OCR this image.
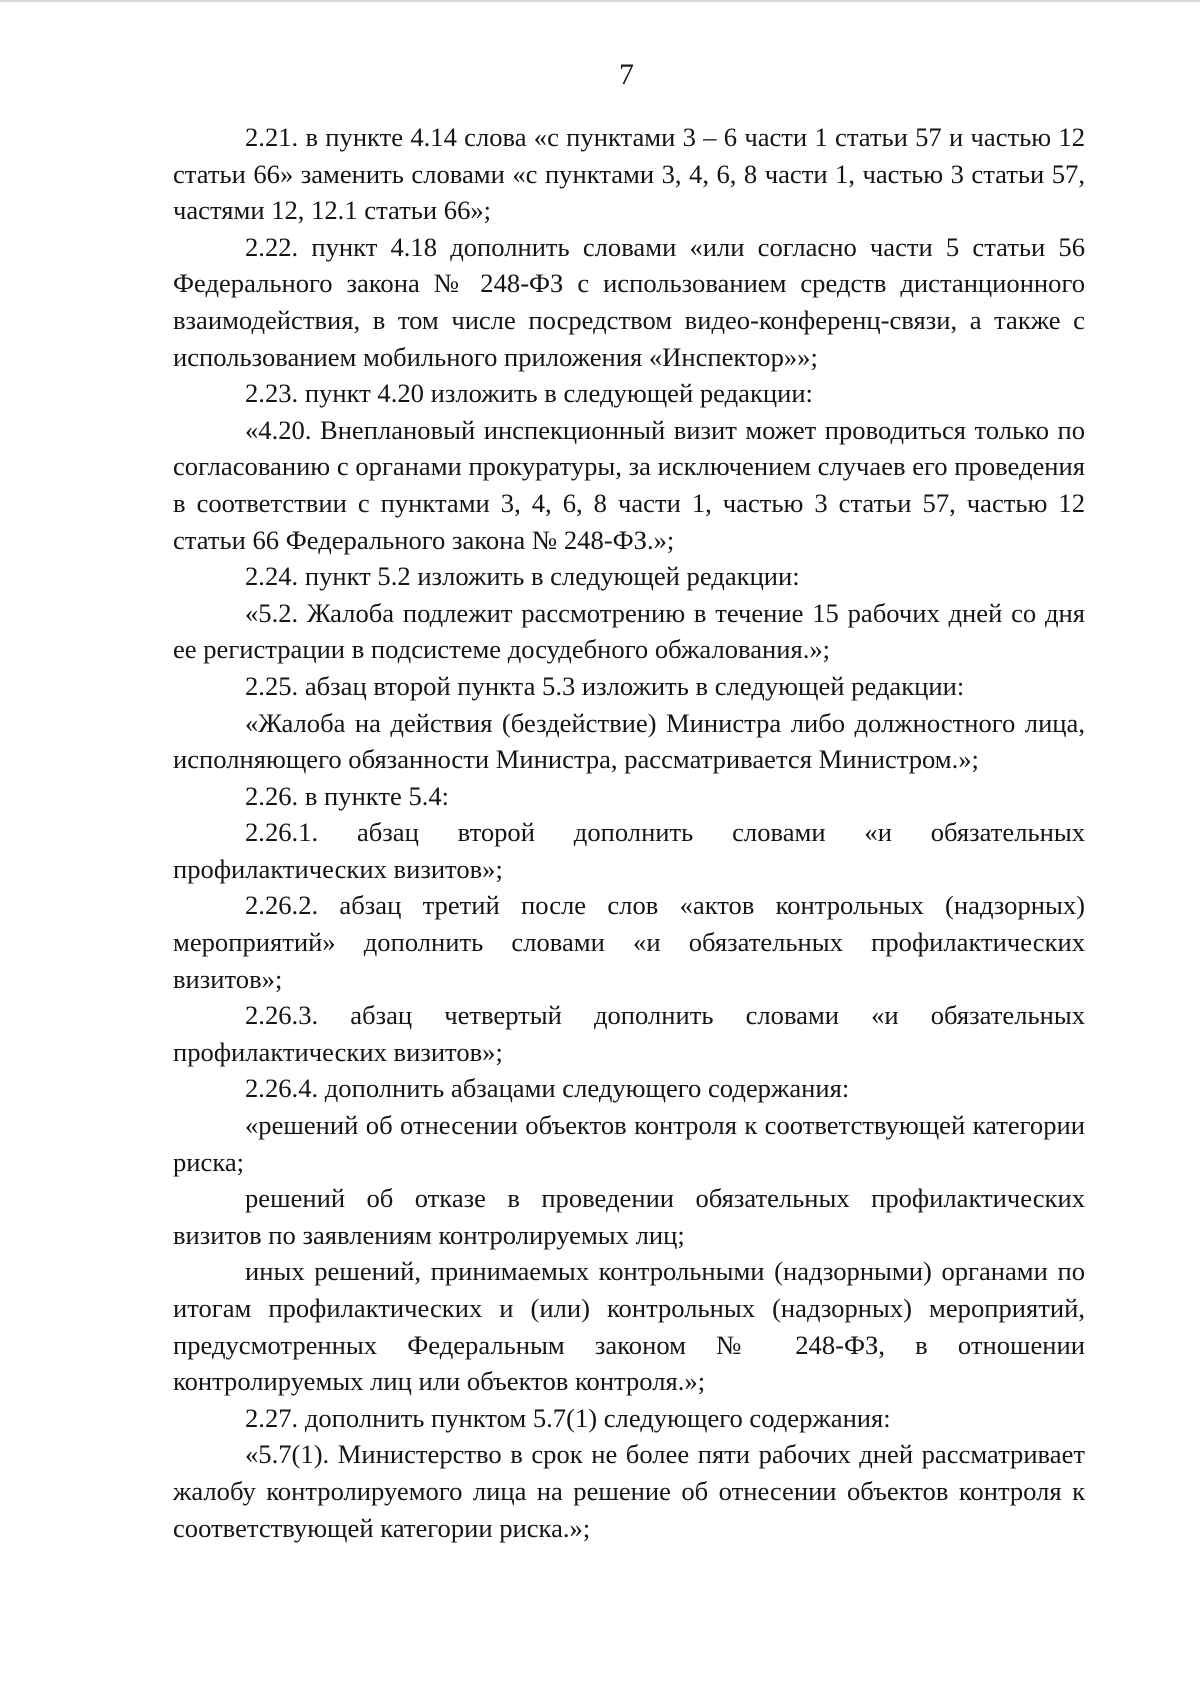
7

2.21. в пункте 4.14 слова «с пунктами 3 – 6 части 1 статьи 57 и частью 12 статьи 66» заменить словами «с пунктами 3, 4, 6, 8 части 1, частью 3 статьи 57, частями 12, 12.1 статьи 66»;

2.22. пункт 4.18 дополнить словами «или согласно части 5 статьи 56 Федерального закона № 248-ФЗ с использованием средств дистанционного взаимодействия, в том числе посредством видео-конференц-связи, а также с использованием мобильного приложения «Инспектор»»;

2.23. пункт 4.20 изложить в следующей редакции:

«4.20. Внеплановый инспекционный визит может проводиться только по согласованию с органами прокуратуры, за исключением случаев его проведения в соответствии с пунктами 3, 4, 6, 8 части 1, частью 3 статьи 57, частью 12 статьи 66 Федерального закона № 248-ФЗ.»;

2.24. пункт 5.2 изложить в следующей редакции:

«5.2. Жалоба подлежит рассмотрению в течение 15 рабочих дней со дня ее регистрации в подсистеме досудебного обжалования.»;

2.25. абзац второй пункта 5.3 изложить в следующей редакции:

«Жалоба на действия (бездействие) Министра либо должностного лица, исполняющего обязанности Министра, рассматривается Министром.»;

2.26. в пункте 5.4:

2.26.1. абзац второй дополнить словами «и обязательных профилактических визитов»;

2.26.2. абзац третий после слов «актов контрольных (надзорных) мероприятий» дополнить словами «и обязательных профилактических визитов»;

2.26.3. абзац четвертый дополнить словами «и обязательных профилактических визитов»;

2.26.4. дополнить абзацами следующего содержания:

«решений об отнесении объектов контроля к соответствующей категории риска;

решений об отказе в проведении обязательных профилактических визитов по заявлениям контролируемых лиц;

иных решений, принимаемых контрольными (надзорными) органами по итогам профилактических и (или) контрольных (надзорных) мероприятий, предусмотренных Федеральным законом № 248-ФЗ, в отношении контролируемых лиц или объектов контроля.»;

2.27. дополнить пунктом 5.7(1) следующего содержания:

«5.7(1). Министерство в срок не более пяти рабочих дней рассматривает жалобу контролируемого лица на решение об отнесении объектов контроля к соответствующей категории риска.»;
